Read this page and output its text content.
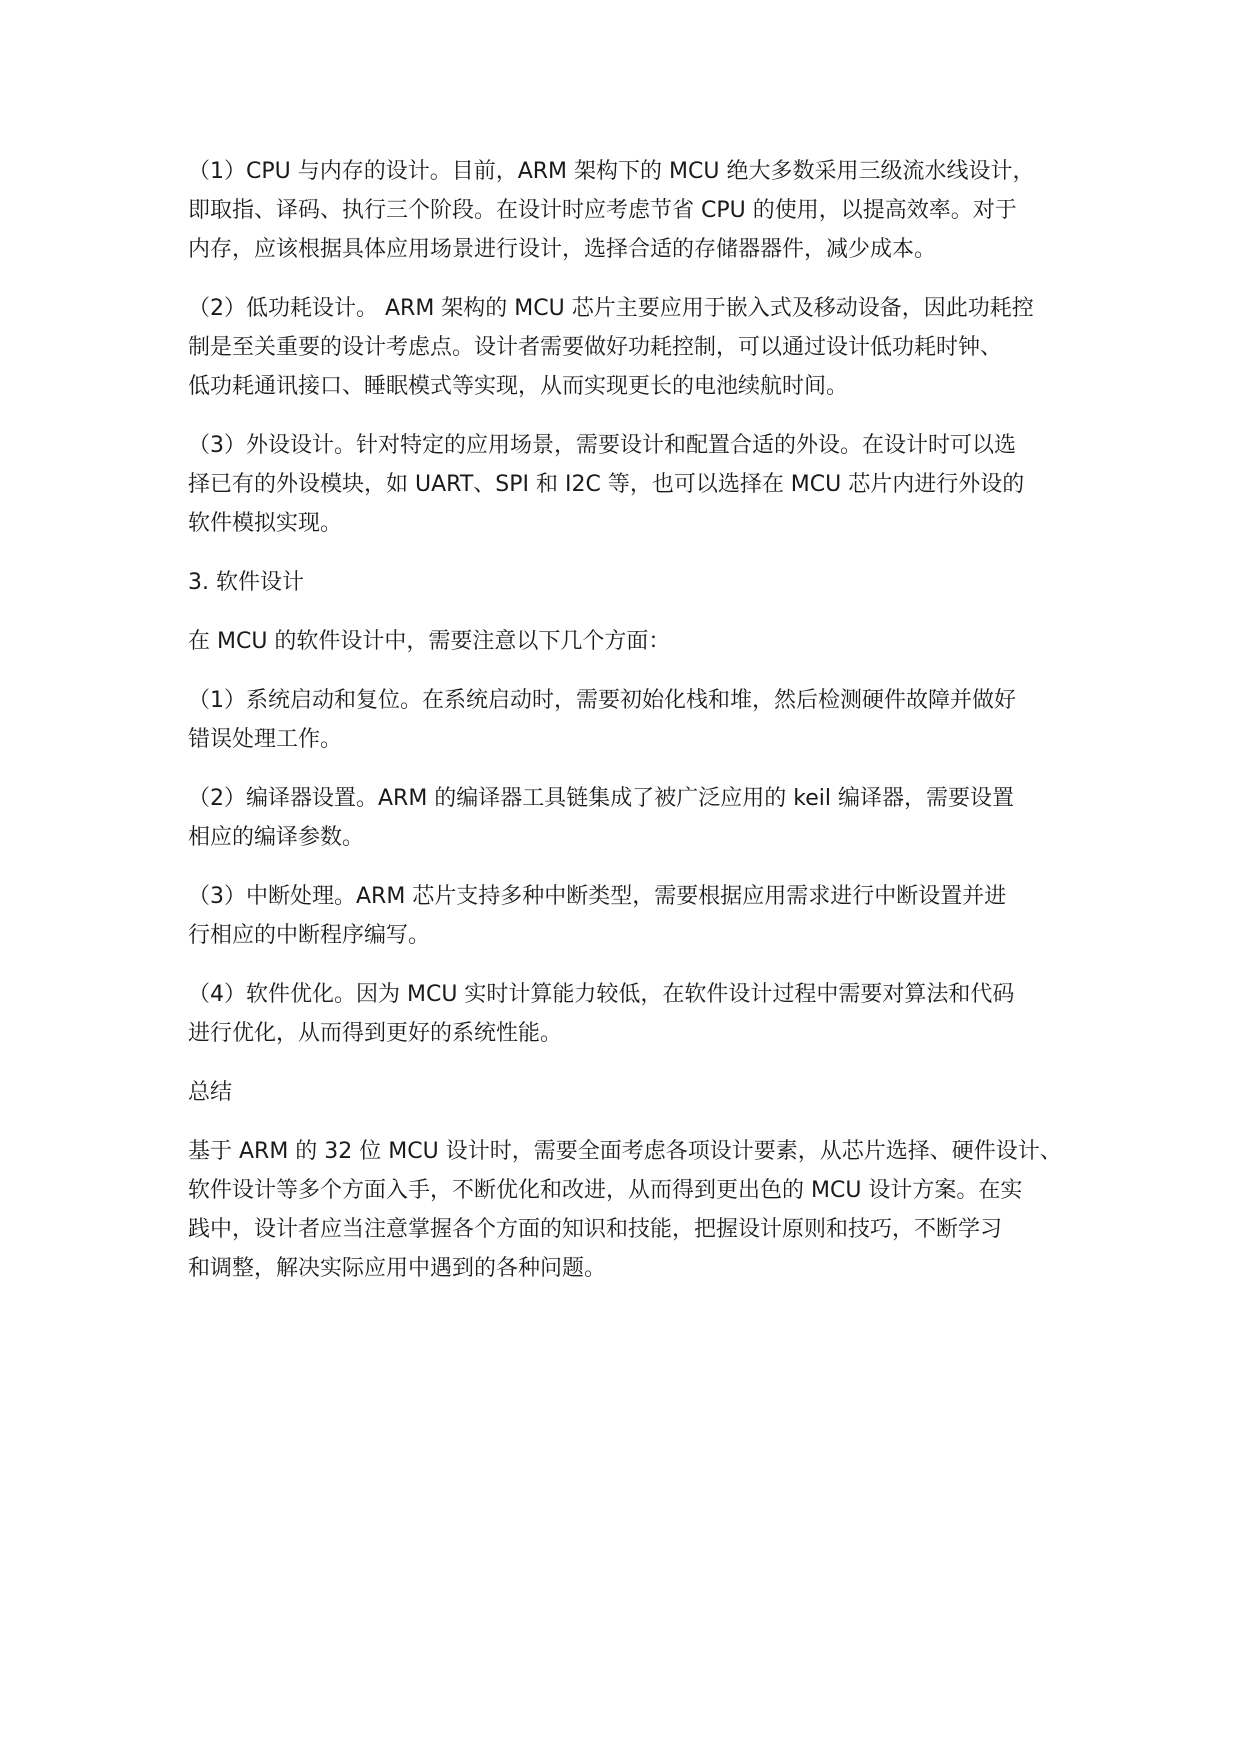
（1）CPU 与内存的设计。目前，ARM 架构下的 MCU 绝大多数采用三级流水线设计，
即取指、译码、执行三个阶段。在设计时应考虑节省 CPU 的使用，以提高效率。对于
内存，应该根据具体应用场景进行设计，选择合适的存储器器件，减少成本。

（2）低功耗设计。 ARM 架构的 MCU 芯片主要应用于嵌入式及移动设备，因此功耗控
制是至关重要的设计考虑点。设计者需要做好功耗控制，可以通过设计低功耗时钟、
低功耗通讯接口、睡眠模式等实现，从而实现更长的电池续航时间。

（3）外设设计。针对特定的应用场景，需要设计和配置合适的外设。在设计时可以选
择已有的外设模块，如 UART、SPI 和 I2C 等，也可以选择在 MCU 芯片内进行外设的
软件模拟实现。

3. 软件设计

在 MCU 的软件设计中，需要注意以下几个方面：

（1）系统启动和复位。在系统启动时，需要初始化栈和堆，然后检测硬件故障并做好
错误处理工作。

（2）编译器设置。ARM 的编译器工具链集成了被广泛应用的 keil 编译器，需要设置
相应的编译参数。

（3）中断处理。ARM 芯片支持多种中断类型，需要根据应用需求进行中断设置并进
行相应的中断程序编写。

（4）软件优化。因为 MCU 实时计算能力较低，在软件设计过程中需要对算法和代码
进行优化，从而得到更好的系统性能。

总结

基于 ARM 的 32 位 MCU 设计时，需要全面考虑各项设计要素，从芯片选择、硬件设计、
软件设计等多个方面入手，不断优化和改进，从而得到更出色的 MCU 设计方案。在实
践中，设计者应当注意掌握各个方面的知识和技能，把握设计原则和技巧，不断学习
和调整，解决实际应用中遇到的各种问题。
